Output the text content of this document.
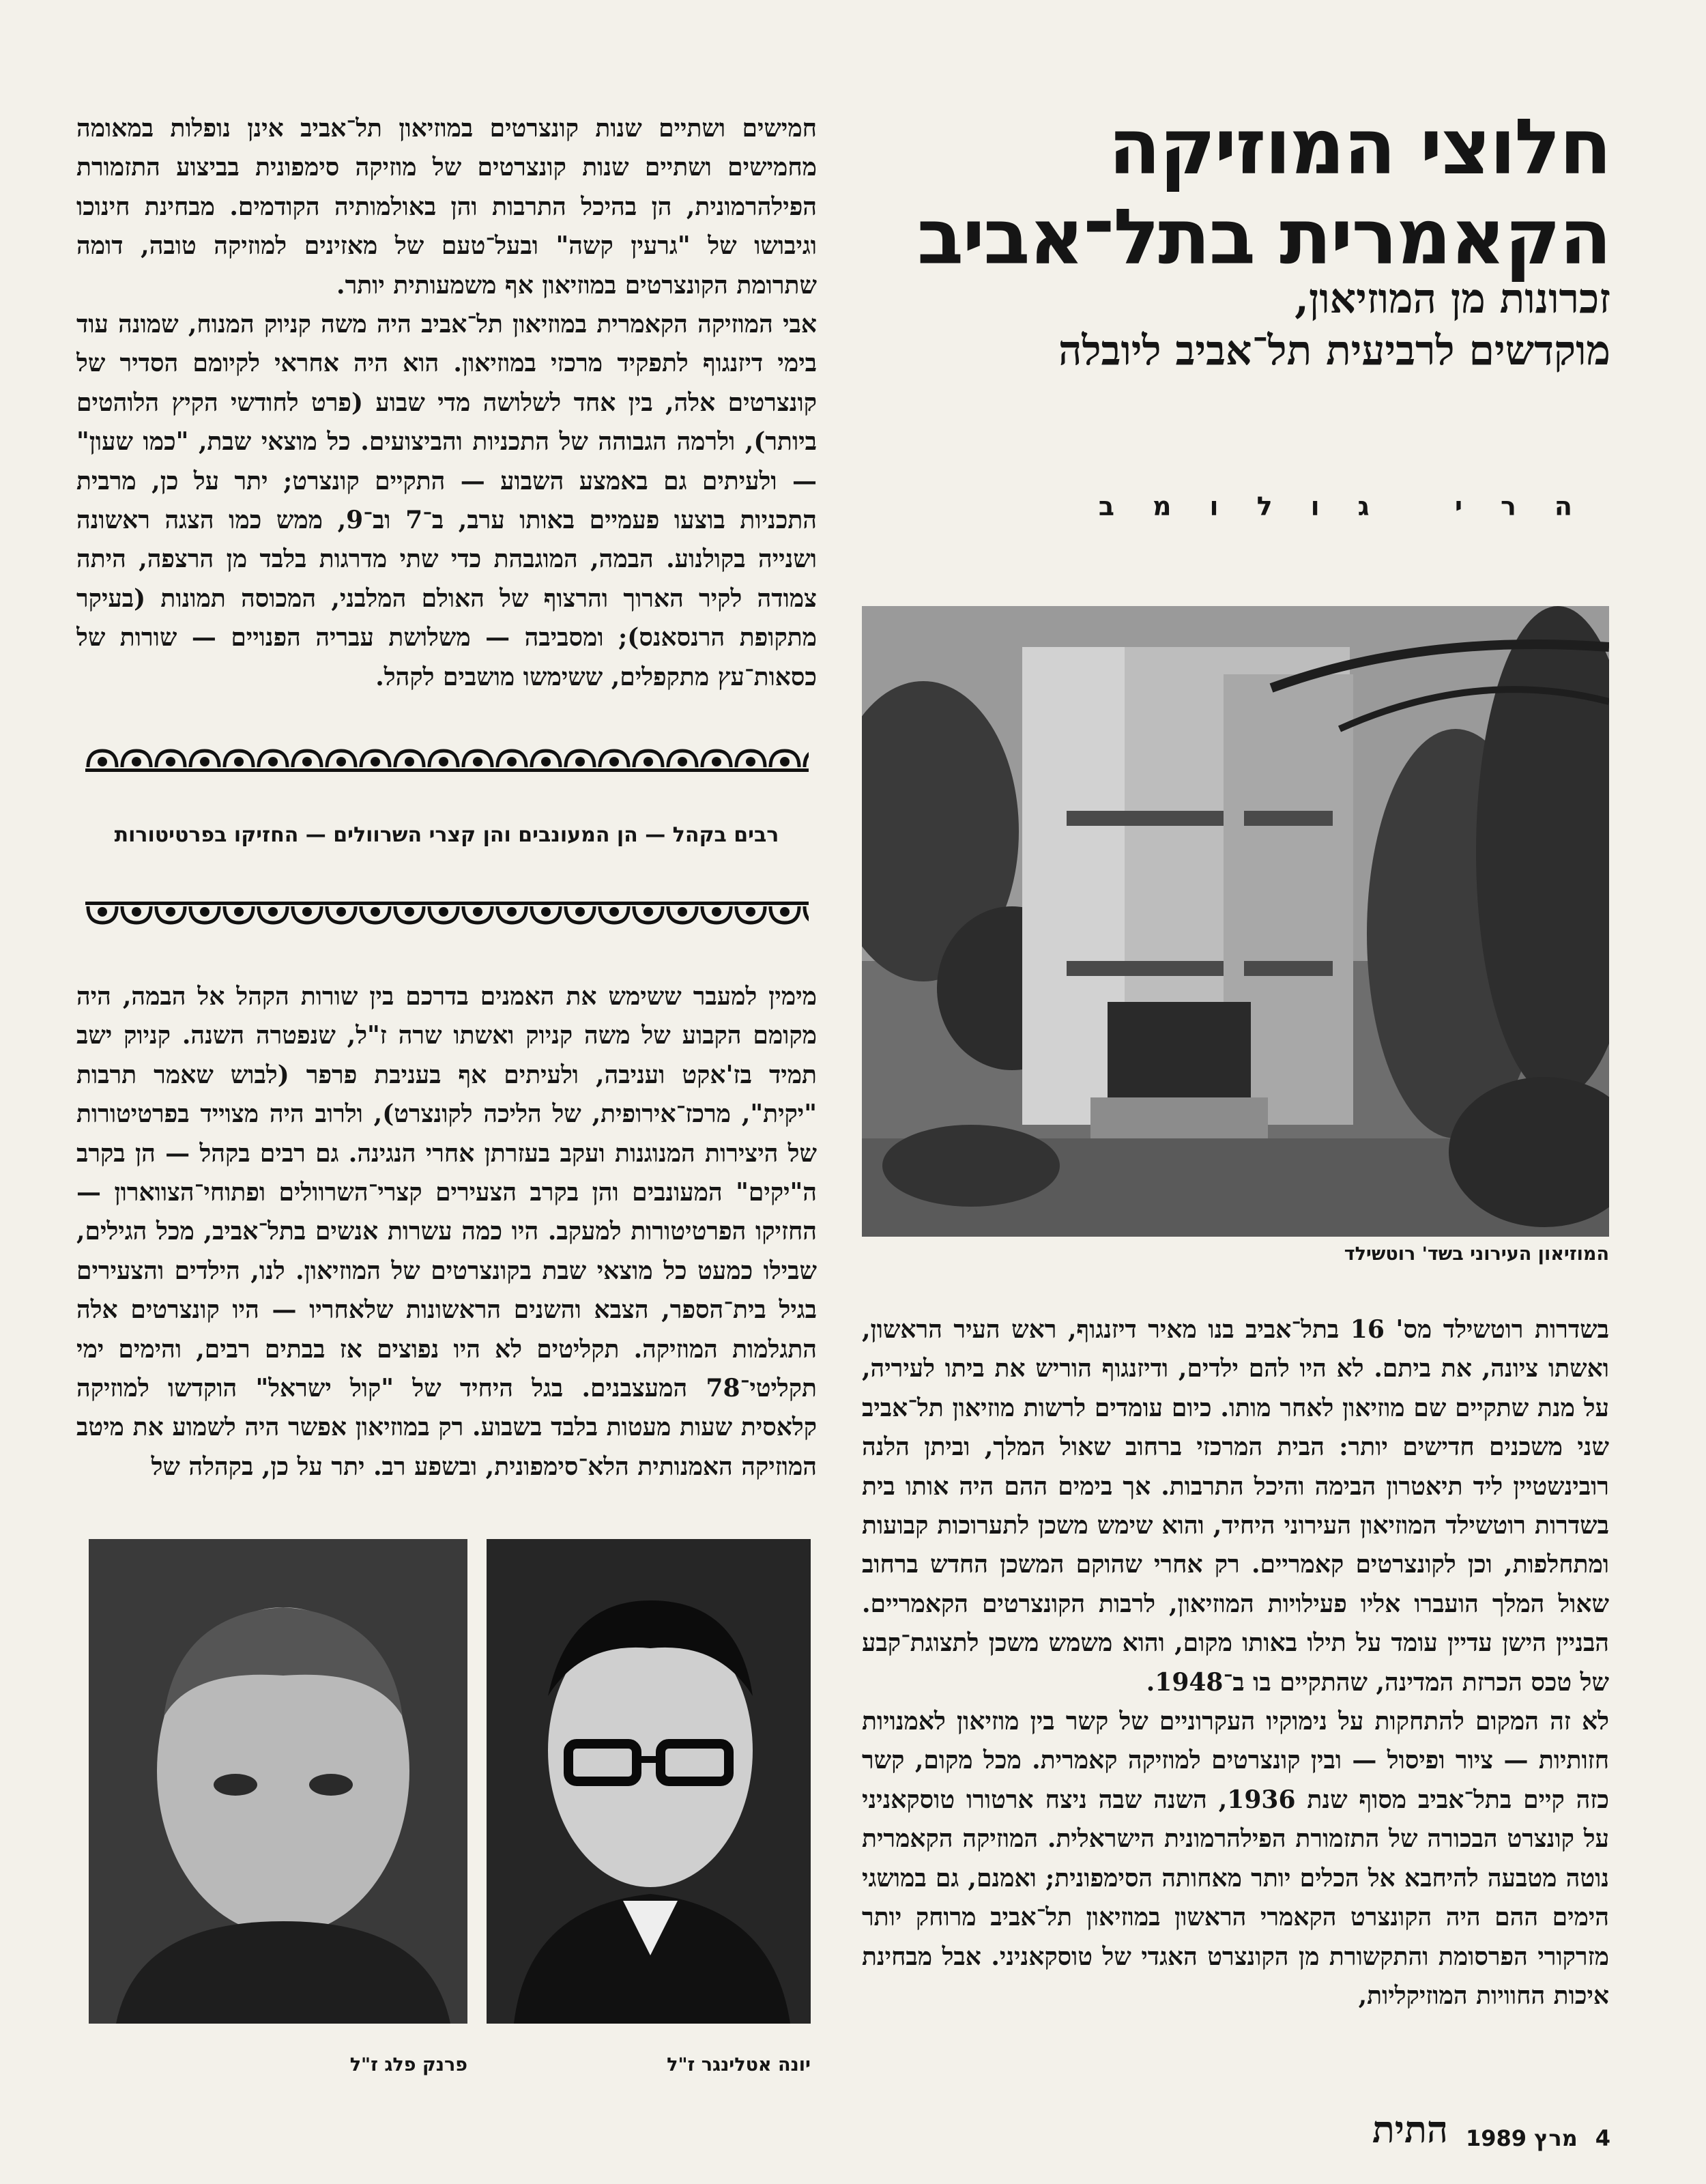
חלוצי המוזיקה
הקאמרית בתל־אביב
זכרונות מן המוזיאון,
מוקדשים לרביעית תל־אביב ליובלה
הרי גולומב
המוזיאון העירוני בשד' רוטשילד

בשדרות רוטשילד מס' 16 בתל־אביב בנו מאיר דיזנגוף, ראש העיר הראשון, ואשתו ציונה, את ביתם. לא היו להם ילדים, ודיזנגוף הוריש את ביתו לעיריה, על מנת שתקיים שם מוזיאון לאחר מותו. כיום עומדים לרשות מוזיאון תל־אביב שני משכנים חדישים יותר: הבית המרכזי ברחוב שאול המלך, וביתן הלנה רובינשטיין ליד תיאטרון הבימה והיכל התרבות. אך בימים ההם היה אותו בית בשדרות רוטשילד המוזיאון העירוני היחיד, והוא שימש משכן לתערוכות קבועות ומתחלפות, וכן לקונצרטים קאמריים. רק אחרי שהוקם המשכן החדש ברחוב שאול המלך הועברו אליו פעילויות המוזיאון, לרבות הקונצרטים הקאמריים. הבניין הישן עדיין עומד על תילו באותו מקום, והוא משמש משכן לתצוגת־קבע של טכס הכרזת המדינה, שהתקיים בו ב־1948.

לא זה המקום להתחקות על נימוקיו העקרוניים של קשר בין מוזיאון לאמנויות חזותיות — ציור ופיסול — ובין קונצרטים למוזיקה קאמרית. מכל מקום, קשר כזה קיים בתל־אביב מסוף שנת 1936, השנה שבה ניצח ארטורו טוסקאניני על קונצרט הבכורה של התזמורת הפילהרמונית הישראלית. המוזיקה הקאמרית נוטה מטבעה להיחבא אל הכלים יותר מאחותה הסימפונית; ואמנם, גם במושגי הימים ההם היה הקונצרט הקאמרי הראשון במוזיאון תל־אביב מרוחק יותר מזרקורי הפרסומת והתקשורת מן הקונצרט האגדי של טוסקאניני. אבל מבחינת איכות החוויות המוזיקליות,

חמישים ושתיים שנות קונצרטים במוזיאון תל־אביב אינן נופלות במאומה מחמישים ושתיים שנות קונצרטים של מוזיקה סימפונית בביצוע התזמורת הפילהרמונית, הן בהיכל התרבות והן באולמותיה הקודמים. מבחינת חינוכו וגיבושו של "גרעין קשה" ובעל־טעם של מאזינים למוזיקה טובה, דומה שתרומת הקונצרטים במוזיאון אף משמעותית יותר.

אבי המוזיקה הקאמרית במוזיאון תל־אביב היה משה קניוק המנוח, שמונה עוד בימי דיזנגוף לתפקיד מרכזי במוזיאון. הוא היה אחראי לקיומם הסדיר של קונצרטים אלה, בין אחד לשלושה מדי שבוע (פרט לחודשי הקיץ הלוהטים ביותר), ולרמה הגבוהה של התכניות והביצועים. כל מוצאי שבת, "כמו שעון" — ולעיתים גם באמצע השבוע — התקיים קונצרט; יתר על כן, מרבית התכניות בוצעו פעמיים באותו ערב, ב־7 וב־9, ממש כמו הצגה ראשונה ושנייה בקולנוע. הבמה, המוגבהת כדי שתי מדרגות בלבד מן הרצפה, היתה צמודה לקיר הארוך והרצוף של האולם המלבני, המכוסה תמונות (בעיקר מתקופת הרנסאנס); ומסביבה — משלושת עבריה הפנויים — שורות של כסאות־עץ מתקפלים, ששימשו מושבים לקהל.

רבים בקהל — הן המעונבים והן קצרי השרוולים — החזיקו בפרטיטורות

מימין למעבר ששימש את האמנים בדרכם בין שורות הקהל אל הבמה, היה מקומם הקבוע של משה קניוק ואשתו שרה ז"ל, שנפטרה השנה. קניוק ישב תמיד בז'אקט ועניבה, ולעיתים אף בעניבת פרפר (לבוש שאמר תרבות "יקית", מרכז־אירופית, של הליכה לקונצרט), ולרוב היה מצוייד בפרטיטורות של היצירות המנוגנות ועקב בעזרתן אחרי הנגינה. גם רבים בקהל — הן בקרב ה"יקים" המעונבים והן בקרב הצעירים קצרי־השרוולים ופתוחי־הצווארון — החזיקו הפרטיטורות למעקב. היו כמה עשרות אנשים בתל־אביב, מכל הגילים, שבילו כמעט כל מוצאי שבת בקונצרטים של המוזיאון. לנו, הילדים והצעירים בגיל בית־הספר, הצבא והשנים הראשונות שלאחריו — היו קונצרטים אלה התגלמות המוזיקה. תקליטים לא היו נפוצים אז בבתים רבים, והימים ימי תקליטי־78 המעצבנים. בגל היחיד של "קול ישראל" הוקדשו למוזיקה קלאסית שעות מעטות בלבד בשבוע. רק במוזיאון אפשר היה לשמוע את מיטב המוזיקה האמנותית הלא־סימפונית, ובשפע רב. יתר על כן, בקהלה של

יונה אטלינגר ז"ל
פרנק פלג ז"ל
4
מרץ 1989
התית
